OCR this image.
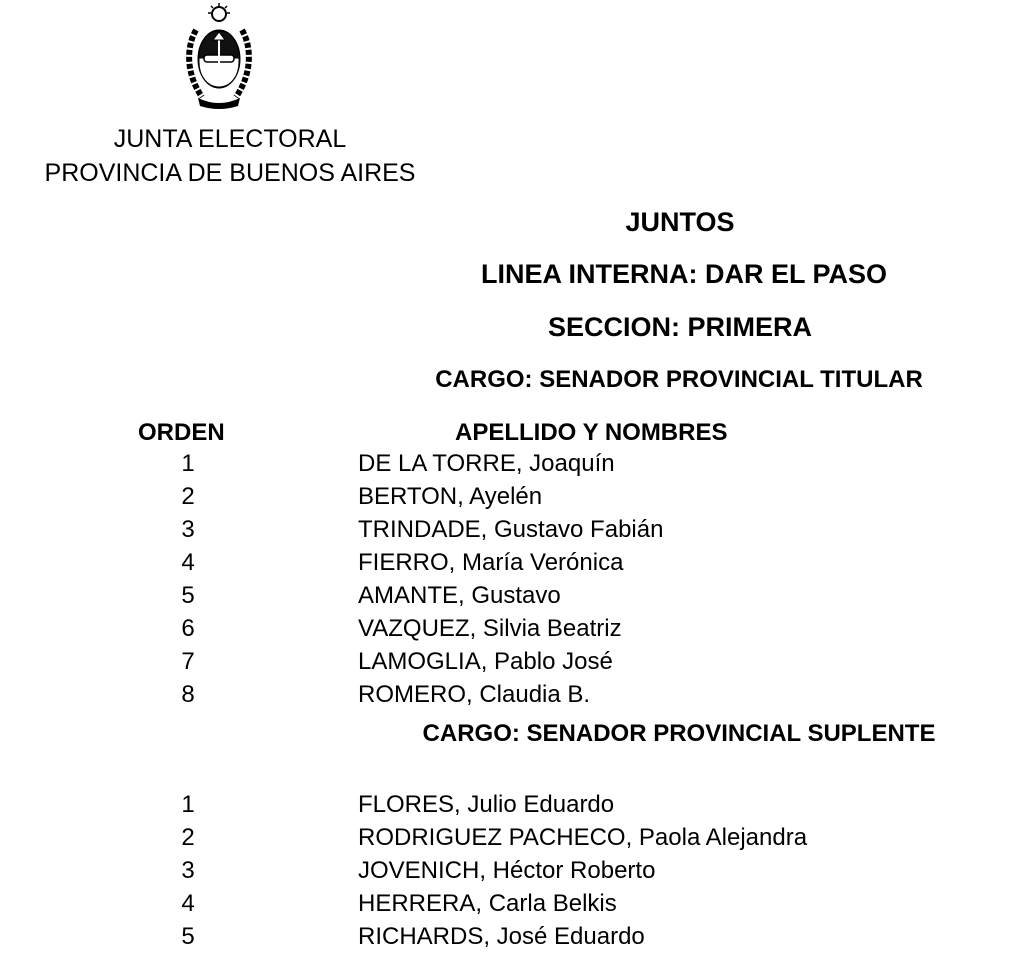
JUNTA ELECTORAL
PROVINCIA DE BUENOS AIRES
JUNTOS
LINEA INTERNA: DAR EL PASO
SECCION: PRIMERA
CARGO: SENADOR PROVINCIAL TITULAR
ORDEN	APELLIDO Y NOMBRES
1	DE LA TORRE, Joaquín
2	BERTON, Ayelén
3	TRINDADE, Gustavo Fabián
4	FIERRO, María Verónica
5	AMANTE, Gustavo
6	VAZQUEZ, Silvia Beatriz
7	LAMOGLIA, Pablo José
8	ROMERO, Claudia B.
CARGO: SENADOR PROVINCIAL SUPLENTE
1	FLORES, Julio Eduardo
2	RODRIGUEZ PACHECO, Paola Alejandra
3	JOVENICH, Héctor Roberto
4	HERRERA, Carla Belkis
5	RICHARDS, José Eduardo
